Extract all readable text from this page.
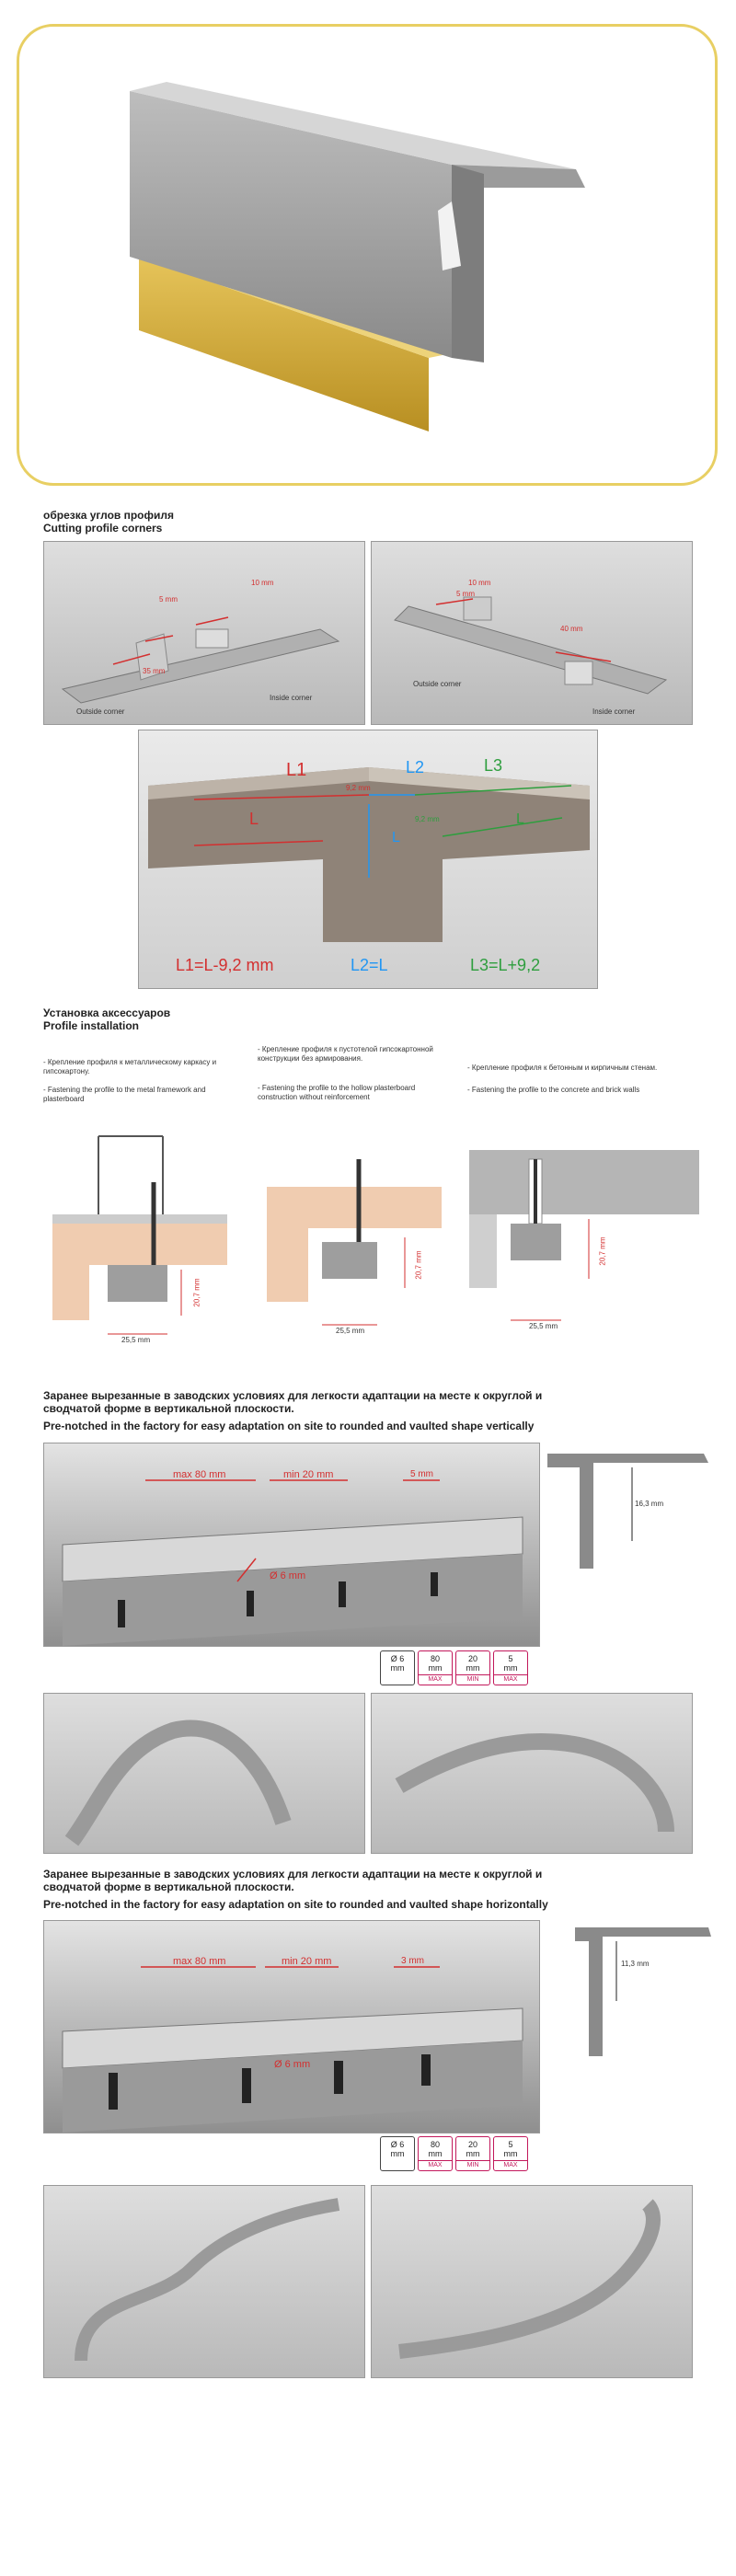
обрезка углов профиля
Cutting profile corners
5 mm
10 mm
35 mm
Outside corner
Inside corner
10 mm
5 mm
40 mm
Outside corner
Inside corner
L1
L
L2
L
L3
L
9,2 mm
9,2 mm
L1=L-9,2 mm	L2=L	L3=L+9,2
Установка аксессуаров
Profile installation
- Крепление профиля к металлическому каркасу и гипсокартону.
- Fastening the profile to the metal framework and plasterboard
- Крепление профиля к пустотелой гипсокартонной конструкции без армирования.
- Fastening the profile to the hollow plasterboard construction without reinforcement
- Крепление профиля к бетонным и кирпичным стенам.
- Fastening the profile to the concrete and brick walls
20,7 mm
25,5 mm
20,7 mm
25,5 mm
20,7 mm
25,5 mm
Заранее вырезанные в заводских условиях для легкости адаптации на месте к округлой и сводчатой форме в вертикальной плоскости.
Pre-notched in the factory for easy adaptation on site to rounded and vaulted shape vertically
max 80 mm	min 20 mm	5 mm
Ø 6 mm
16,3 mm
Ø 6
mm
80
mm
MAX
20
mm
MIN
5
mm
MAX
Заранее вырезанные в заводских условиях для легкости адаптации на месте к округлой и сводчатой форме в вертикальной плоскости.
Pre-notched in the factory for easy adaptation on site to rounded and vaulted shape horizontally
max 80 mm	min 20 mm	3 mm
Ø 6 mm
11,3 mm
Ø 6
mm
80
mm
MAX
20
mm
MIN
5
mm
MAX
